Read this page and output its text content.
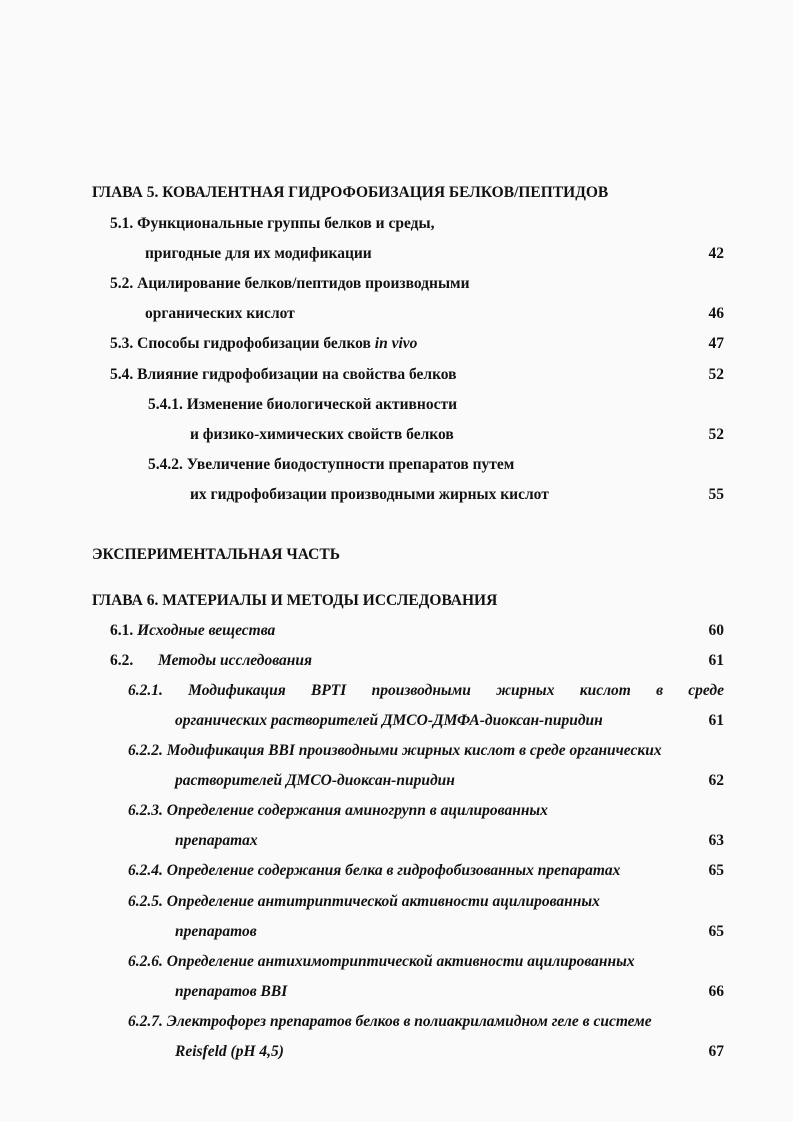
ГЛАВА 5. КОВАЛЕНТНАЯ ГИДРОФОБИЗАЦИЯ БЕЛКОВ/ПЕПТИДОВ

5.1. Функциональные группы белков и среды,

пригодные для их модификации	42

5.2. Ацилирование белков/пептидов производными

органических кислот	46

5.3. Способы гидрофобизации белков in vivo	47

5.4. Влияние гидрофобизации на свойства белков	52

5.4.1. Изменение биологической активности

и физико-химических свойств белков	52

5.4.2. Увеличение биодоступности препаратов путем

их гидрофобизации производными жирных кислот	55

ЭКСПЕРИМЕНТАЛЬНАЯ ЧАСТЬ

ГЛАВА 6. МАТЕРИАЛЫ И МЕТОДЫ ИССЛЕДОВАНИЯ

6.1. Исходные вещества	60

6.2. Методы исследования	61

6.2.1. Модификация BPTI производными жирных кислот в среде

органических растворителей ДМСО-ДМФА-диоксан-пиридин	61

6.2.2. Модификация BBI производными жирных кислот в среде органических

растворителей ДМСО-диоксан-пиридин	62

6.2.3. Определение содержания аминогрупп в ацилированных

препаратах	63

6.2.4. Определение содержания белка в гидрофобизованных препаратах	65

6.2.5. Определение антитриптической активности ацилированных

препаратов	65

6.2.6. Определение антихимотриптической активности ацилированных

препаратов BBI	66

6.2.7. Электрофорез препаратов белков в полиакриламидном геле в системе

Reisfeld (pH 4,5)	67
